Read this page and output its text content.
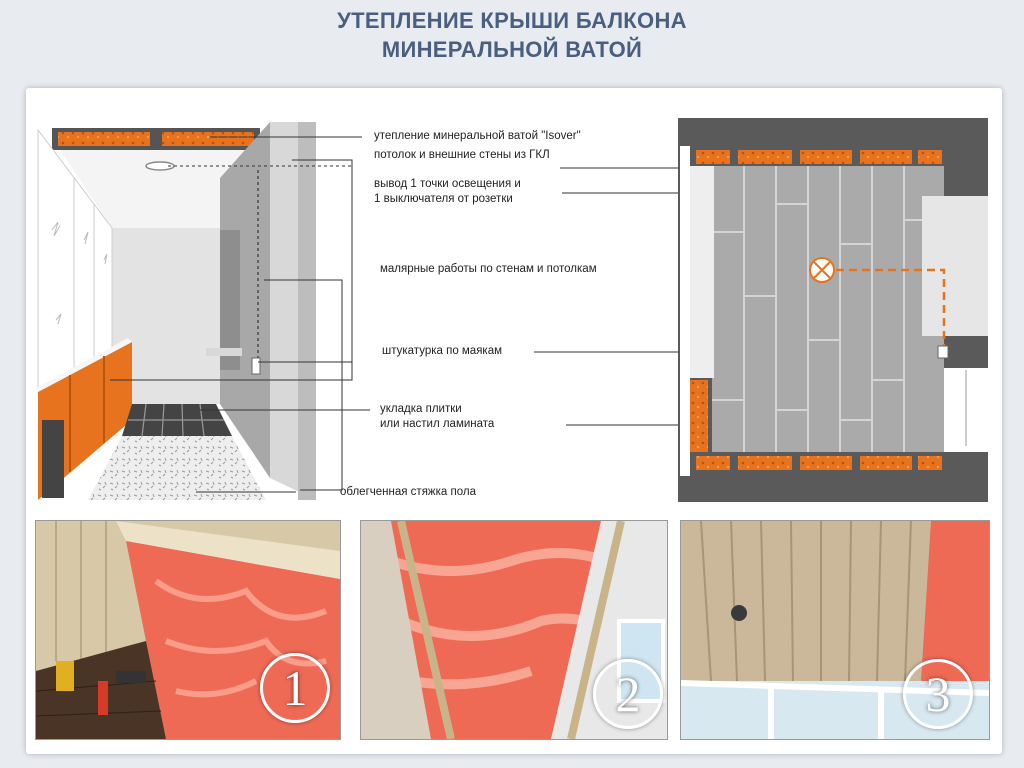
УТЕПЛЕНИЕ КРЫШИ БАЛКОНА
МИНЕРАЛЬНОЙ ВАТОЙ
утепление минеральной ватой "Isover"
потолок и внешние стены из ГКЛ
вывод 1 точки освещения и
1 выключателя от розетки
малярные работы по стенам и потолкам
штукатурка по маякам
укладка плитки
или настил ламината
облегченная стяжка пола
1	2	3
